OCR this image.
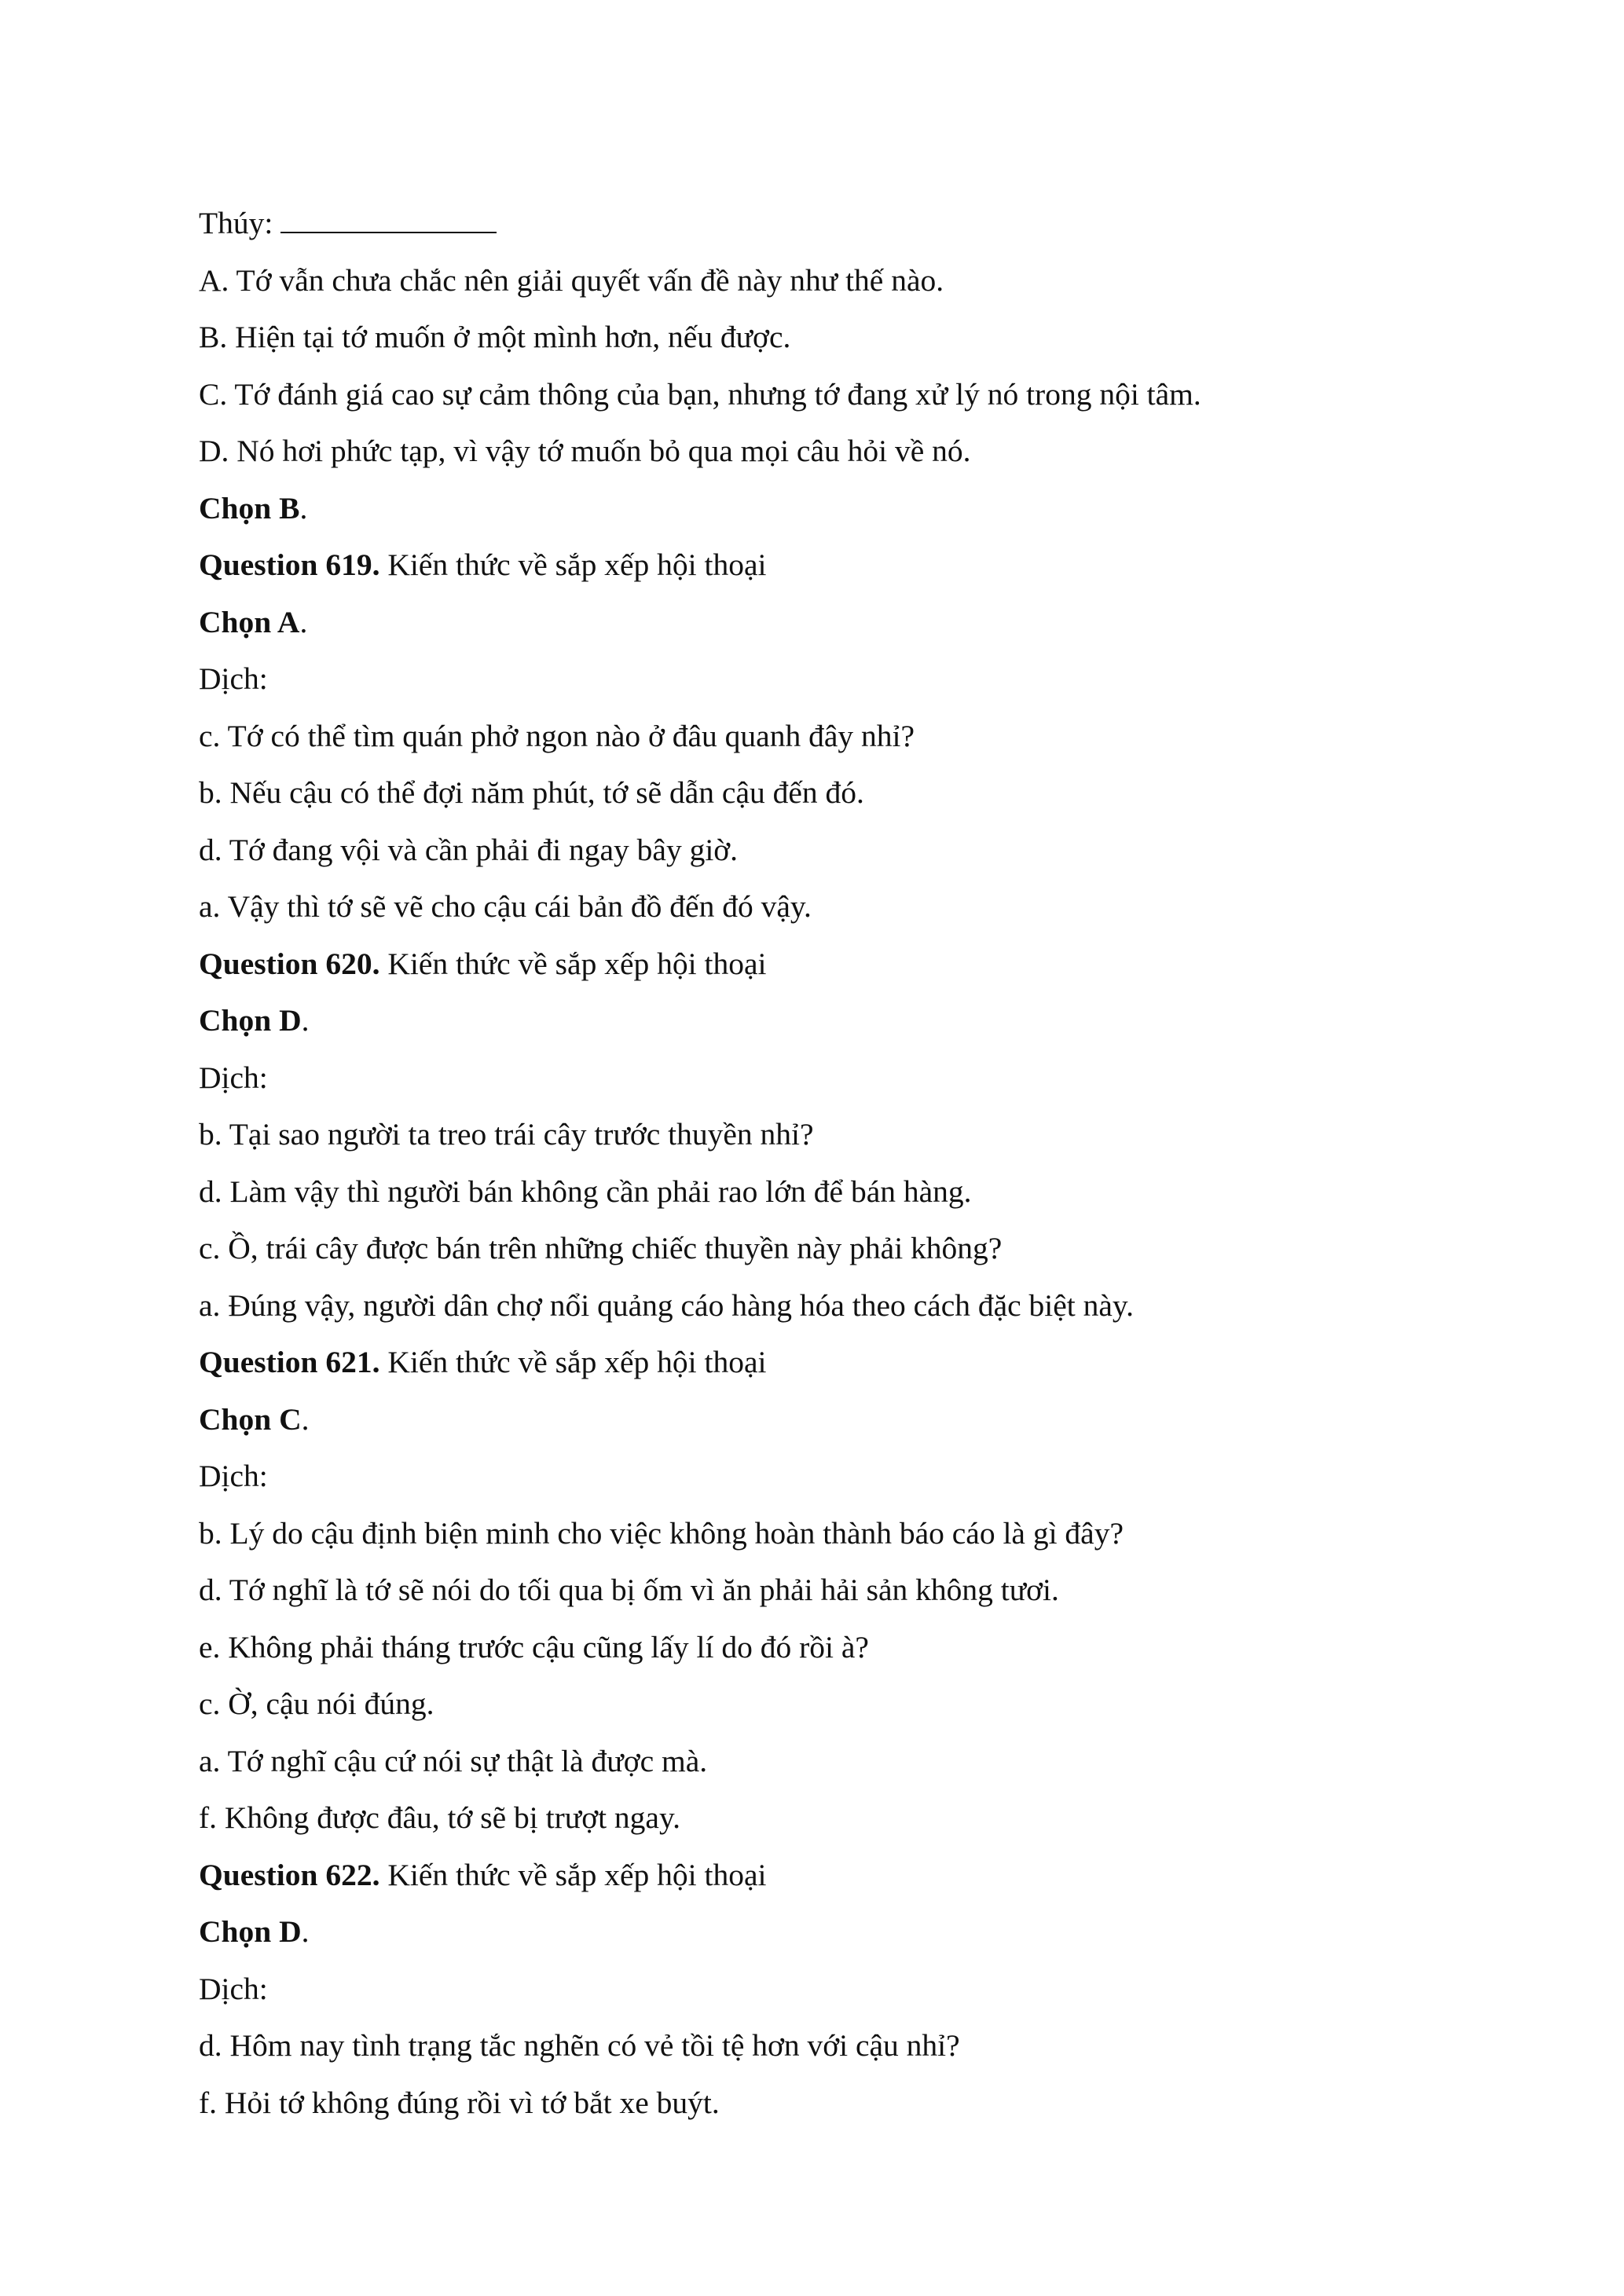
Thúy:
A. Tớ vẫn chưa chắc nên giải quyết vấn đề này như thế nào.
B. Hiện tại tớ muốn ở một mình hơn, nếu được.
C. Tớ đánh giá cao sự cảm thông của bạn, nhưng tớ đang xử lý nó trong nội tâm.
D. Nó hơi phức tạp, vì vậy tớ muốn bỏ qua mọi câu hỏi về nó.
Chọn B.
Question 619. Kiến thức về sắp xếp hội thoại
Chọn A.
Dịch:
c. Tớ có thể tìm quán phở ngon nào ở đâu quanh đây nhỉ?
b. Nếu cậu có thể đợi năm phút, tớ sẽ dẫn cậu đến đó.
d. Tớ đang vội và cần phải đi ngay bây giờ.
a. Vậy thì tớ sẽ vẽ cho cậu cái bản đồ đến đó vậy.
Question 620. Kiến thức về sắp xếp hội thoại
Chọn D.
Dịch:
b. Tại sao người ta treo trái cây trước thuyền nhỉ?
d. Làm vậy thì người bán không cần phải rao lớn để bán hàng.
c. Ồ, trái cây được bán trên những chiếc thuyền này phải không?
a. Đúng vậy, người dân chợ nổi quảng cáo hàng hóa theo cách đặc biệt này.
Question 621. Kiến thức về sắp xếp hội thoại
Chọn C.
Dịch:
b. Lý do cậu định biện minh cho việc không hoàn thành báo cáo là gì đây?
d. Tớ nghĩ là tớ sẽ nói do tối qua bị ốm vì ăn phải hải sản không tươi.
e. Không phải tháng trước cậu cũng lấy lí do đó rồi à?
c. Ờ, cậu nói đúng.
a. Tớ nghĩ cậu cứ nói sự thật là được mà.
f. Không được đâu, tớ sẽ bị trượt ngay.
Question 622. Kiến thức về sắp xếp hội thoại
Chọn D.
Dịch:
d. Hôm nay tình trạng tắc nghẽn có vẻ tồi tệ hơn với cậu nhỉ?
f. Hỏi tớ không đúng rồi vì tớ bắt xe buýt.
